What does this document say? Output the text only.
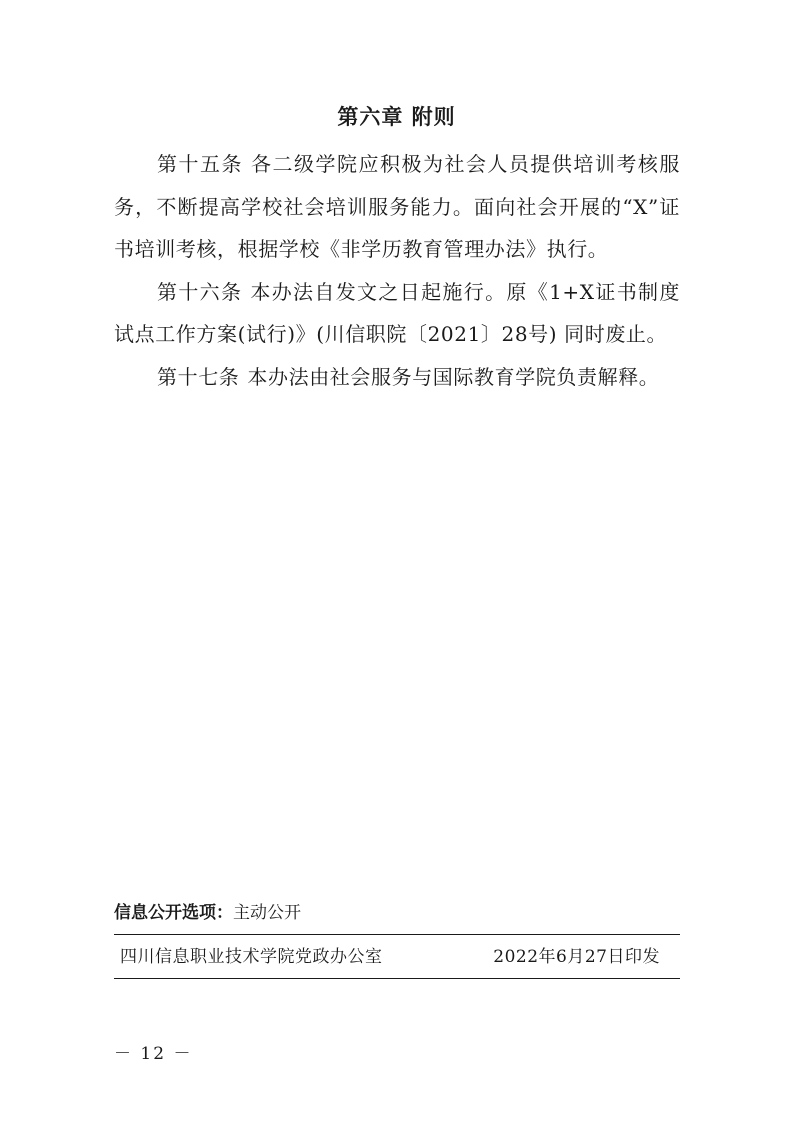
第六章 附则

第十五条 各二级学院应积极为社会人员提供培训考核服务，不断提高学校社会培训服务能力。面向社会开展的“X”证书培训考核，根据学校《非学历教育管理办法》执行。

第十六条 本办法自发文之日起施行。原《1+X证书制度试点工作方案(试行)》(川信职院〔2021〕28号) 同时废止。

第十七条 本办法由社会服务与国际教育学院负责解释。

信息公开选项：主动公开
四川信息职业技术学院党政办公室	2022年6月27日印发
－ 12 －
